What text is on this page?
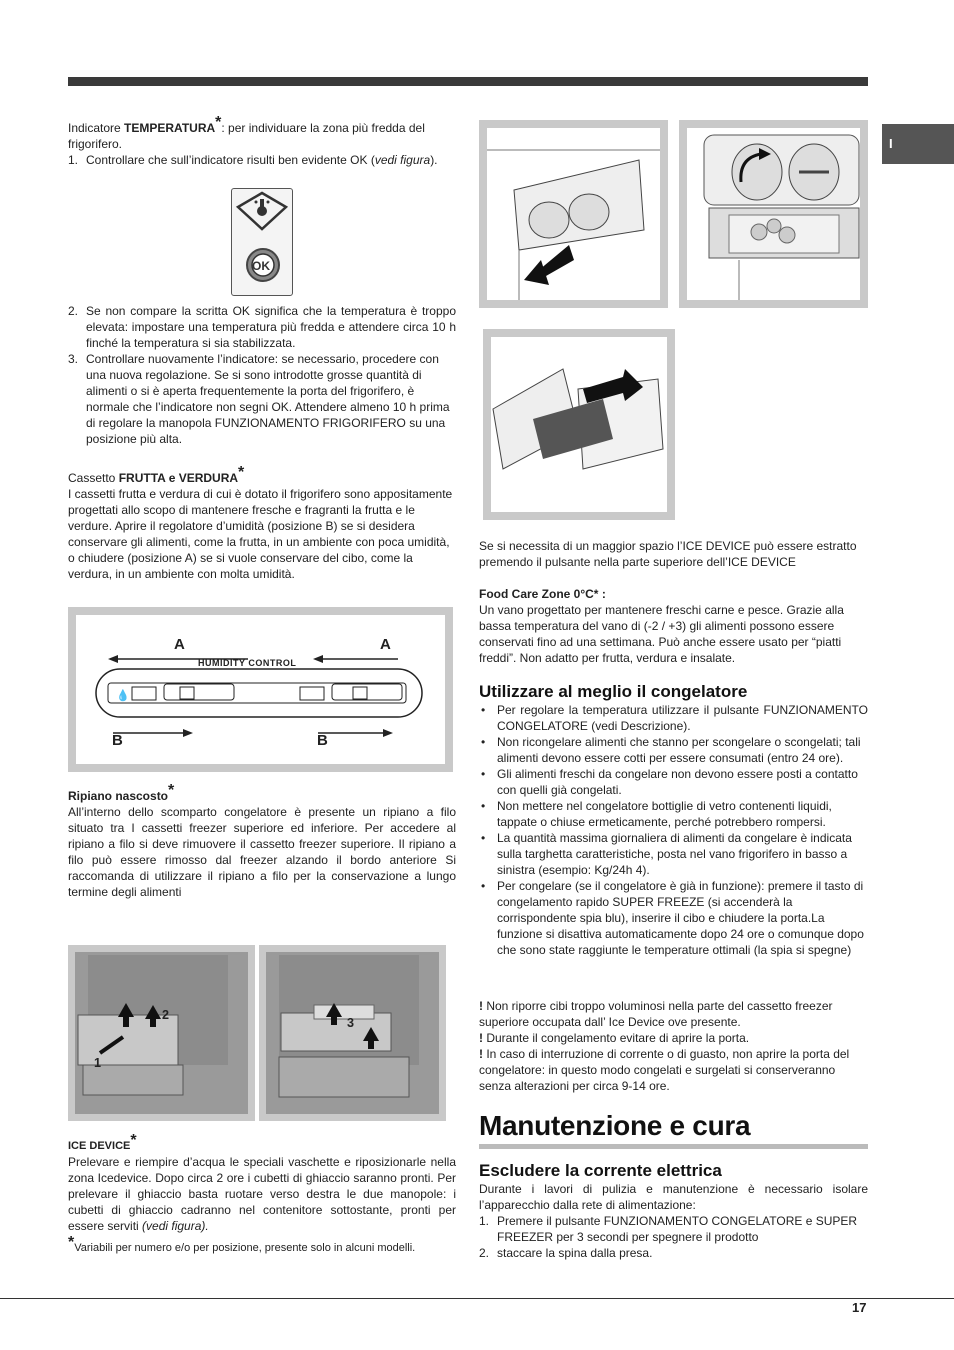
I

Indicatore TEMPERATURA*: per individuare la zona più fredda del frigorifero.

1. Controllare che sull’indicatore risulti ben evidente OK (vedi figura).
OK
2. Se non compare la scritta OK significa che la temperatura è troppo elevata: impostare una temperatura più fredda e attendere circa 10 h finché la temperatura si sia stabilizzata.
3. Controllare nuovamente l’indicatore: se necessario, procedere con una nuova regolazione. Se si sono introdotte grosse quantità di alimenti o si è aperta frequentemente la porta del frigorifero, è normale che l’indicatore non segni OK. Attendere almeno 10 h prima di regolare la manopola FUNZIONAMENTO FRIGORIFERO su una posizione più alta.

Cassetto FRUTTA e VERDURA*

I cassetti frutta e verdura di cui è dotato il frigorifero sono appositamente progettati allo scopo di mantenere fresche e fragranti la frutta e le verdure. Aprire il regolatore d’umidità (posizione B) se si desidera conservare gli alimenti, come la frutta, in un ambiente con poca umidità, o chiudere (posizione A) se si vuole conservare del cibo, come la verdura, in un ambiente con molta umidità.

💧
A	A
HUMIDITY CONTROL
B	B

Ripiano nascosto*

All’interno dello scomparto congelatore è presente un ripiano a filo situato tra I cassetti freezer superiore ed inferiore. Per accedere al ripiano a filo si deve rimuovere il cassetto freezer superiore. Il ripiano a filo può essere rimosso dal freezer alzando il bordo anteriore Si raccomanda di utilizzare il ripiano a filo per la conservazione a lungo termine degli alimenti

2
1
3

ICE DEVICE*

Prelevare e riempire d’acqua le speciali vaschette e riposizionarle nella zona Icedevice. Dopo circa 2 ore i cubetti di ghiaccio saranno pronti. Per prelevare il ghiaccio basta ruotare verso destra le due manopole: i cubetti di ghiaccio cadranno nel contenitore sottostante, pronti per essere serviti (vedi figura).

*Variabili per numero e/o per posizione, presente solo in alcuni modelli.

Se si necessita di un maggior spazio l’ICE DEVICE può essere estratto premendo il pulsante nella parte superiore dell’ICE DEVICE

Food Care Zone 0°C* :

Un vano progettato per mantenere freschi carne e pesce. Grazie alla bassa temperatura del vano di (-2 / +3) gli alimenti possono essere conservati fino ad una settimana. Può anche essere usato per “piatti freddi”. Non adatto per frutta, verdura e insalate.

Utilizzare al meglio il congelatore

• Per regolare la temperatura utilizzare il pulsante FUNZIONAMENTO CONGELATORE (vedi Descrizione).
• Non ricongelare alimenti che stanno per scongelare o scongelati; tali alimenti devono essere cotti per essere consumati (entro 24 ore).
• Gli alimenti freschi da congelare non devono essere posti a contatto con quelli già congelati.
• Non mettere nel congelatore bottiglie di vetro contenenti liquidi, tappate o chiuse ermeticamente, perché potrebbero rompersi.
• La quantità massima giornaliera di alimenti da congelare è indicata sulla targhetta caratteristiche, posta nel vano frigorifero in basso a sinistra (esempio: Kg/24h 4).
• Per congelare (se il congelatore è già in funzione): premere il tasto di congelamento rapido SUPER FREEZE (si accenderà la corrispondente spia blu), inserire il cibo e chiudere la porta.La funzione si disattiva automaticamente dopo 24 ore o comunque dopo che sono state raggiunte le temperature ottimali (la spia si spegne)

! Non riporre cibi troppo voluminosi nella parte del cassetto freezer superiore occupata dall’ Ice Device ove presente.

! Durante il congelamento evitare di aprire la porta.

! In caso di interruzione di corrente o di guasto, non aprire la porta del congelatore: in questo modo congelati e surgelati si conserveranno senza alterazioni per circa 9-14 ore.

Manutenzione e cura

Escludere la corrente elettrica

Durante i lavori di pulizia e manutenzione è necessario isolare l’apparecchio dalla rete di alimentazione:

1. Premere il pulsante FUNZIONAMENTO CONGELATORE e SUPER FREEZER per 3 secondi per spegnere il prodotto
2. staccare la spina dalla presa.
17
